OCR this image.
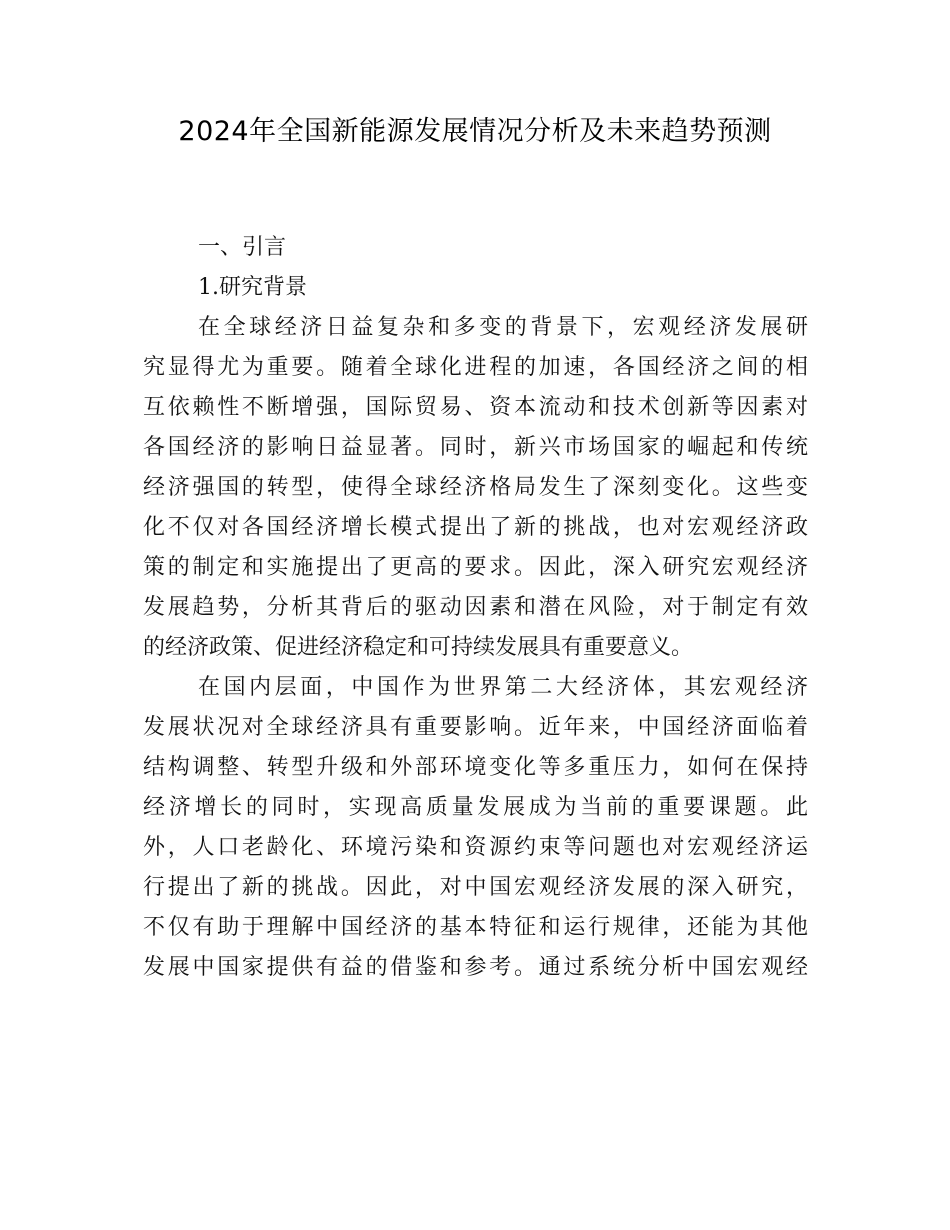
2024年全国新能源发展情况分析及未来趋势预测

一、引言

1.研究背景

在全球经济日益复杂和多变的背景下，宏观经济发展研
究显得尤为重要。随着全球化进程的加速，各国经济之间的相
互依赖性不断增强，国际贸易、资本流动和技术创新等因素对
各国经济的影响日益显著。同时，新兴市场国家的崛起和传统
经济强国的转型，使得全球经济格局发生了深刻变化。这些变
化不仅对各国经济增长模式提出了新的挑战，也对宏观经济政
策的制定和实施提出了更高的要求。因此，深入研究宏观经济
发展趋势，分析其背后的驱动因素和潜在风险，对于制定有效
的经济政策、促进经济稳定和可持续发展具有重要意义。
在国内层面，中国作为世界第二大经济体，其宏观经济
发展状况对全球经济具有重要影响。近年来，中国经济面临着
结构调整、转型升级和外部环境变化等多重压力，如何在保持
经济增长的同时，实现高质量发展成为当前的重要课题。此
外，人口老龄化、环境污染和资源约束等问题也对宏观经济运
行提出了新的挑战。因此，对中国宏观经济发展的深入研究，
不仅有助于理解中国经济的基本特征和运行规律，还能为其他
发展中国家提供有益的借鉴和参考。通过系统分析中国宏观经
